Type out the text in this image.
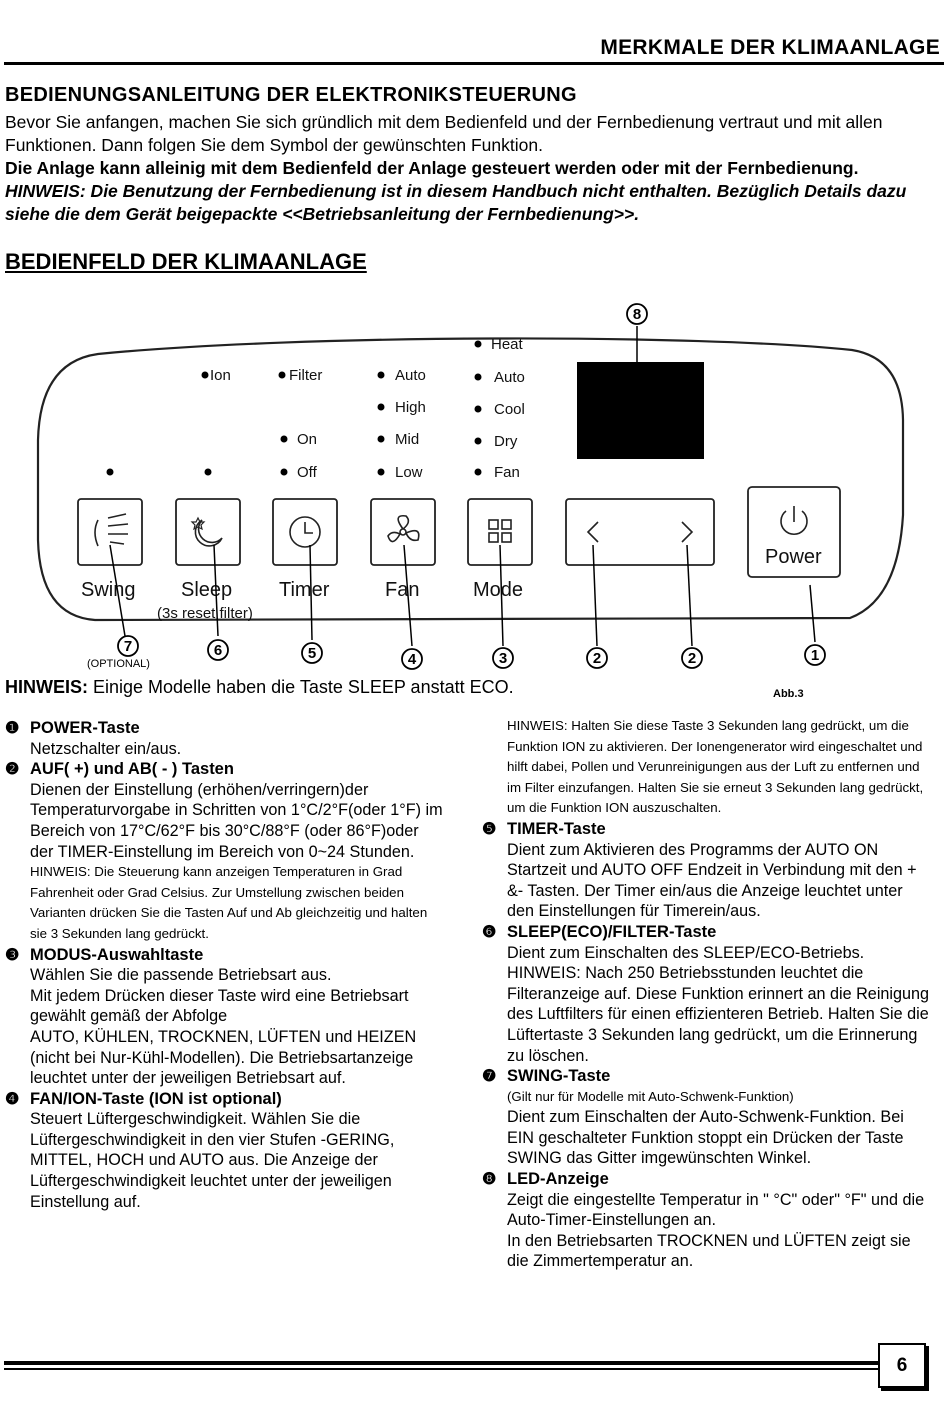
MERKMALE DER KLIMAANLAGE
BEDIENUNGSANLEITUNG DER ELEKTRONIKSTEUERUNG

Bevor Sie anfangen, machen Sie sich gründlich mit dem Bedienfeld und der Fernbedienung vertraut und mit allen Funktionen. Dann folgen Sie dem Symbol der gewünschten Funktion.

Die Anlage kann alleinig mit dem Bedienfeld der Anlage gesteuert werden oder mit der Fernbedienung.

HINWEIS: Die Benutzung der Fernbedienung ist in diesem Handbuch nicht enthalten. Bezüglich Details dazu siehe die dem Gerät beigepackte <<Betriebsanleitung der Fernbedienung>>.

BEDIENFELD DER KLIMAANLAGE
Ion	Filter
On
Off
Auto
High
Mid
Low
Heat
Auto
Cool
Dry
Fan
Swing Sleep Timer	Fan	Mode
Power
(3s reset filter)
8
7	6	5	4	3	2	2	1
(OPTIONAL)
HINWEIS: Einige Modelle haben die Taste SLEEP anstatt ECO.	Abb.3
❶ POWER-Taste
Netzschalter ein/aus.
❷ AUF( +) und AB( - ) Tasten
Dienen der Einstellung (erhöhen/verringern)der Temperaturvorgabe in Schritten von 1°C/2°F(oder 1°F) im Bereich von 17°C/62°F bis 30°C/88°F (oder 86°F)oder der TIMER-Einstellung im Bereich von 0~24 Stunden.
HINWEIS: Die Steuerung kann anzeigen Temperaturen in Grad Fahrenheit oder Grad Celsius. Zur Umstellung zwischen beiden Varianten drücken Sie die Tasten Auf und Ab gleichzeitig und halten sie 3 Sekunden lang gedrückt.
❸ MODUS-Auswahltaste
Wählen Sie die passende Betriebsart aus.
Mit jedem Drücken dieser Taste wird eine Betriebsart gewählt gemäß der Abfolge
AUTO, KÜHLEN, TROCKNEN, LÜFTEN und HEIZEN (nicht bei Nur-Kühl-Modellen). Die Betriebsartanzeige leuchtet unter der jeweiligen Betriebsart auf.
❹ FAN/ION-Taste (ION ist optional)
Steuert Lüftergeschwindigkeit. Wählen Sie die Lüftergeschwindigkeit in den vier Stufen -GERING, MITTEL, HOCH und AUTO aus. Die Anzeige der Lüftergeschwindigkeit leuchtet unter der jeweiligen Einstellung auf.
HINWEIS: Halten Sie diese Taste 3 Sekunden lang gedrückt, um die Funktion ION zu aktivieren. Der Ionengenerator wird eingeschaltet und hilft dabei, Pollen und Verunreinigungen aus der Luft zu entfernen und im Filter einzufangen. Halten Sie sie erneut 3 Sekunden lang gedrückt, um die Funktion ION auszuschalten.
❺ TIMER-Taste
Dient zum Aktivieren des Programms der AUTO ON Startzeit und AUTO OFF Endzeit in Verbindung mit den + &- Tasten. Der Timer ein/aus die Anzeige leuchtet unter den Einstellungen für Timerein/aus.
❻ SLEEP(ECO)/FILTER-Taste
Dient zum Einschalten des SLEEP/ECO-Betriebs. HINWEIS: Nach 250 Betriebsstunden leuchtet die Filteranzeige auf. Diese Funktion erinnert an die Reinigung des Luftfilters für einen effizienteren Betrieb. Halten Sie die Lüftertaste 3 Sekunden lang gedrückt, um die Erinnerung zu löschen.
❼ SWING-Taste
(Gilt nur für Modelle mit Auto-Schwenk-Funktion)
Dient zum Einschalten der Auto-Schwenk-Funktion. Bei EIN geschalteter Funktion stoppt ein Drücken der Taste SWING das Gitter imgewünschten Winkel.
❽ LED-Anzeige
Zeigt die eingestellte Temperatur in " °C" oder" °F" und die Auto-Timer-Einstellungen an.
In den Betriebsarten TROCKNEN und LÜFTEN zeigt sie die Zimmertemperatur an.
6
